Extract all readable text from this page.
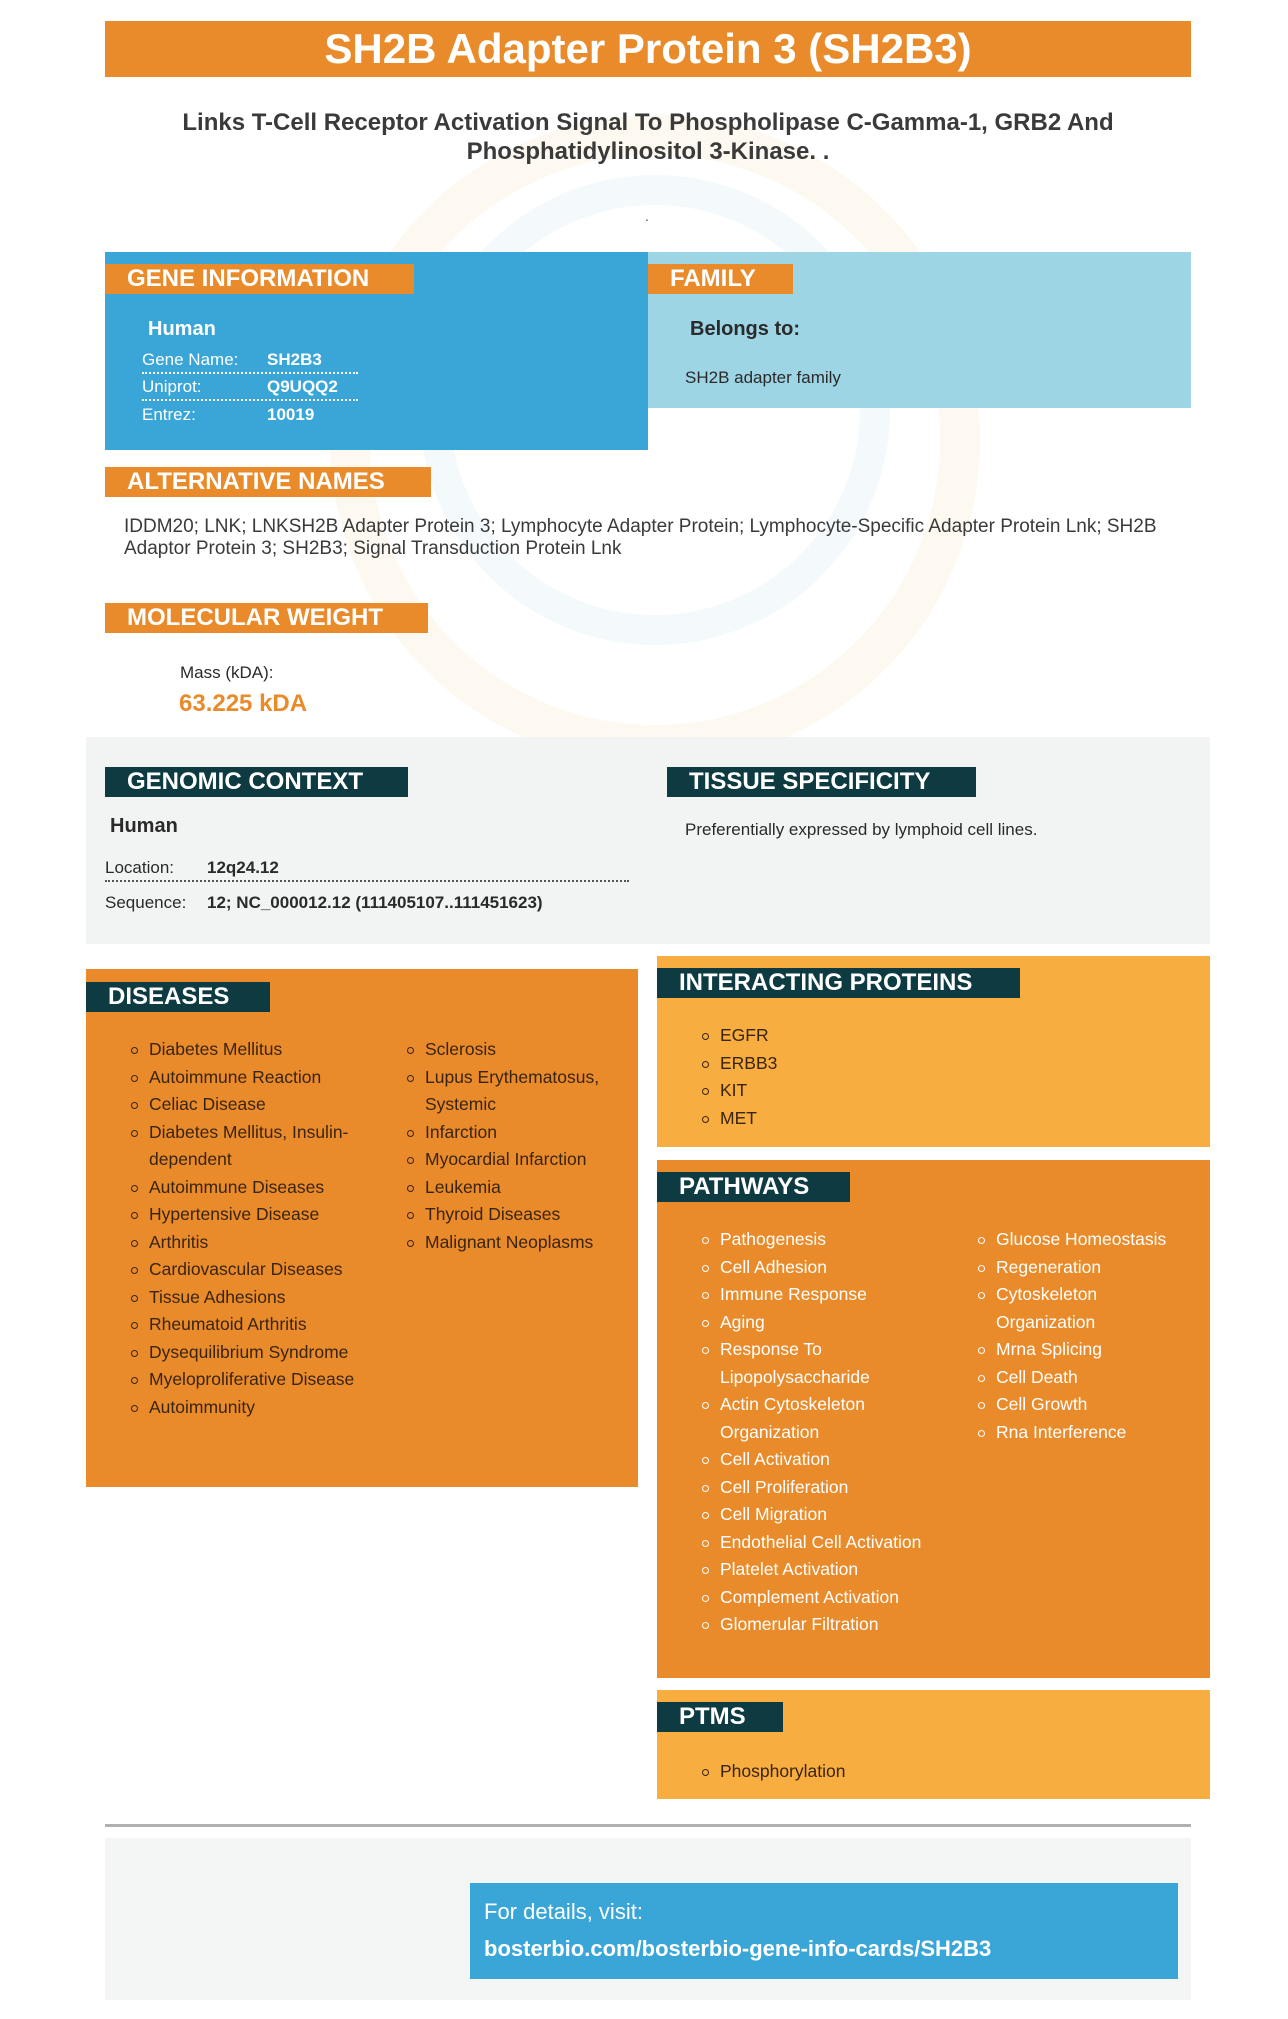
SH2B Adapter Protein 3 (SH2B3)
Links T-Cell Receptor Activation Signal To Phospholipase C-Gamma-1, GRB2 And Phosphatidylinositol 3-Kinase. .
.
GENE INFORMATION
Human
Gene Name: SH2B3
Uniprot:	Q9UQQ2
Entrez:	10019
FAMILY
Belongs to:
SH2B adapter family
ALTERNATIVE NAMES
IDDM20; LNK; LNKSH2B Adapter Protein 3; Lymphocyte Adapter Protein; Lymphocyte-Specific Adapter Protein Lnk; SH2B Adaptor Protein 3; SH2B3; Signal Transduction Protein Lnk
MOLECULAR WEIGHT
Mass (kDA):
63.225 kDA
GENOMIC CONTEXT
Human
Location: 12q24.12
Sequence: 12; NC_000012.12 (111405107..111451623)
TISSUE SPECIFICITY
Preferentially expressed by lymphoid cell lines.
DISEASES
Diabetes Mellitus
Autoimmune Reaction
Celiac Disease
Diabetes Mellitus, Insulin-dependent
Autoimmune Diseases
Hypertensive Disease
Arthritis
Cardiovascular Diseases
Tissue Adhesions
Rheumatoid Arthritis
Dysequilibrium Syndrome
Myeloproliferative Disease
Autoimmunity
Sclerosis
Lupus Erythematosus, Systemic
Infarction
Myocardial Infarction
Leukemia
Thyroid Diseases
Malignant Neoplasms
INTERACTING PROTEINS
EGFR
ERBB3
KIT
MET
PATHWAYS
Pathogenesis
Cell Adhesion
Immune Response
Aging
Response To Lipopolysaccharide
Actin Cytoskeleton Organization
Cell Activation
Cell Proliferation
Cell Migration
Endothelial Cell Activation
Platelet Activation
Complement Activation
Glomerular Filtration
Glucose Homeostasis
Regeneration
Cytoskeleton Organization
Mrna Splicing
Cell Death
Cell Growth
Rna Interference
PTMS
Phosphorylation
For details, visit:
bosterbio.com/bosterbio-gene-info-cards/SH2B3
